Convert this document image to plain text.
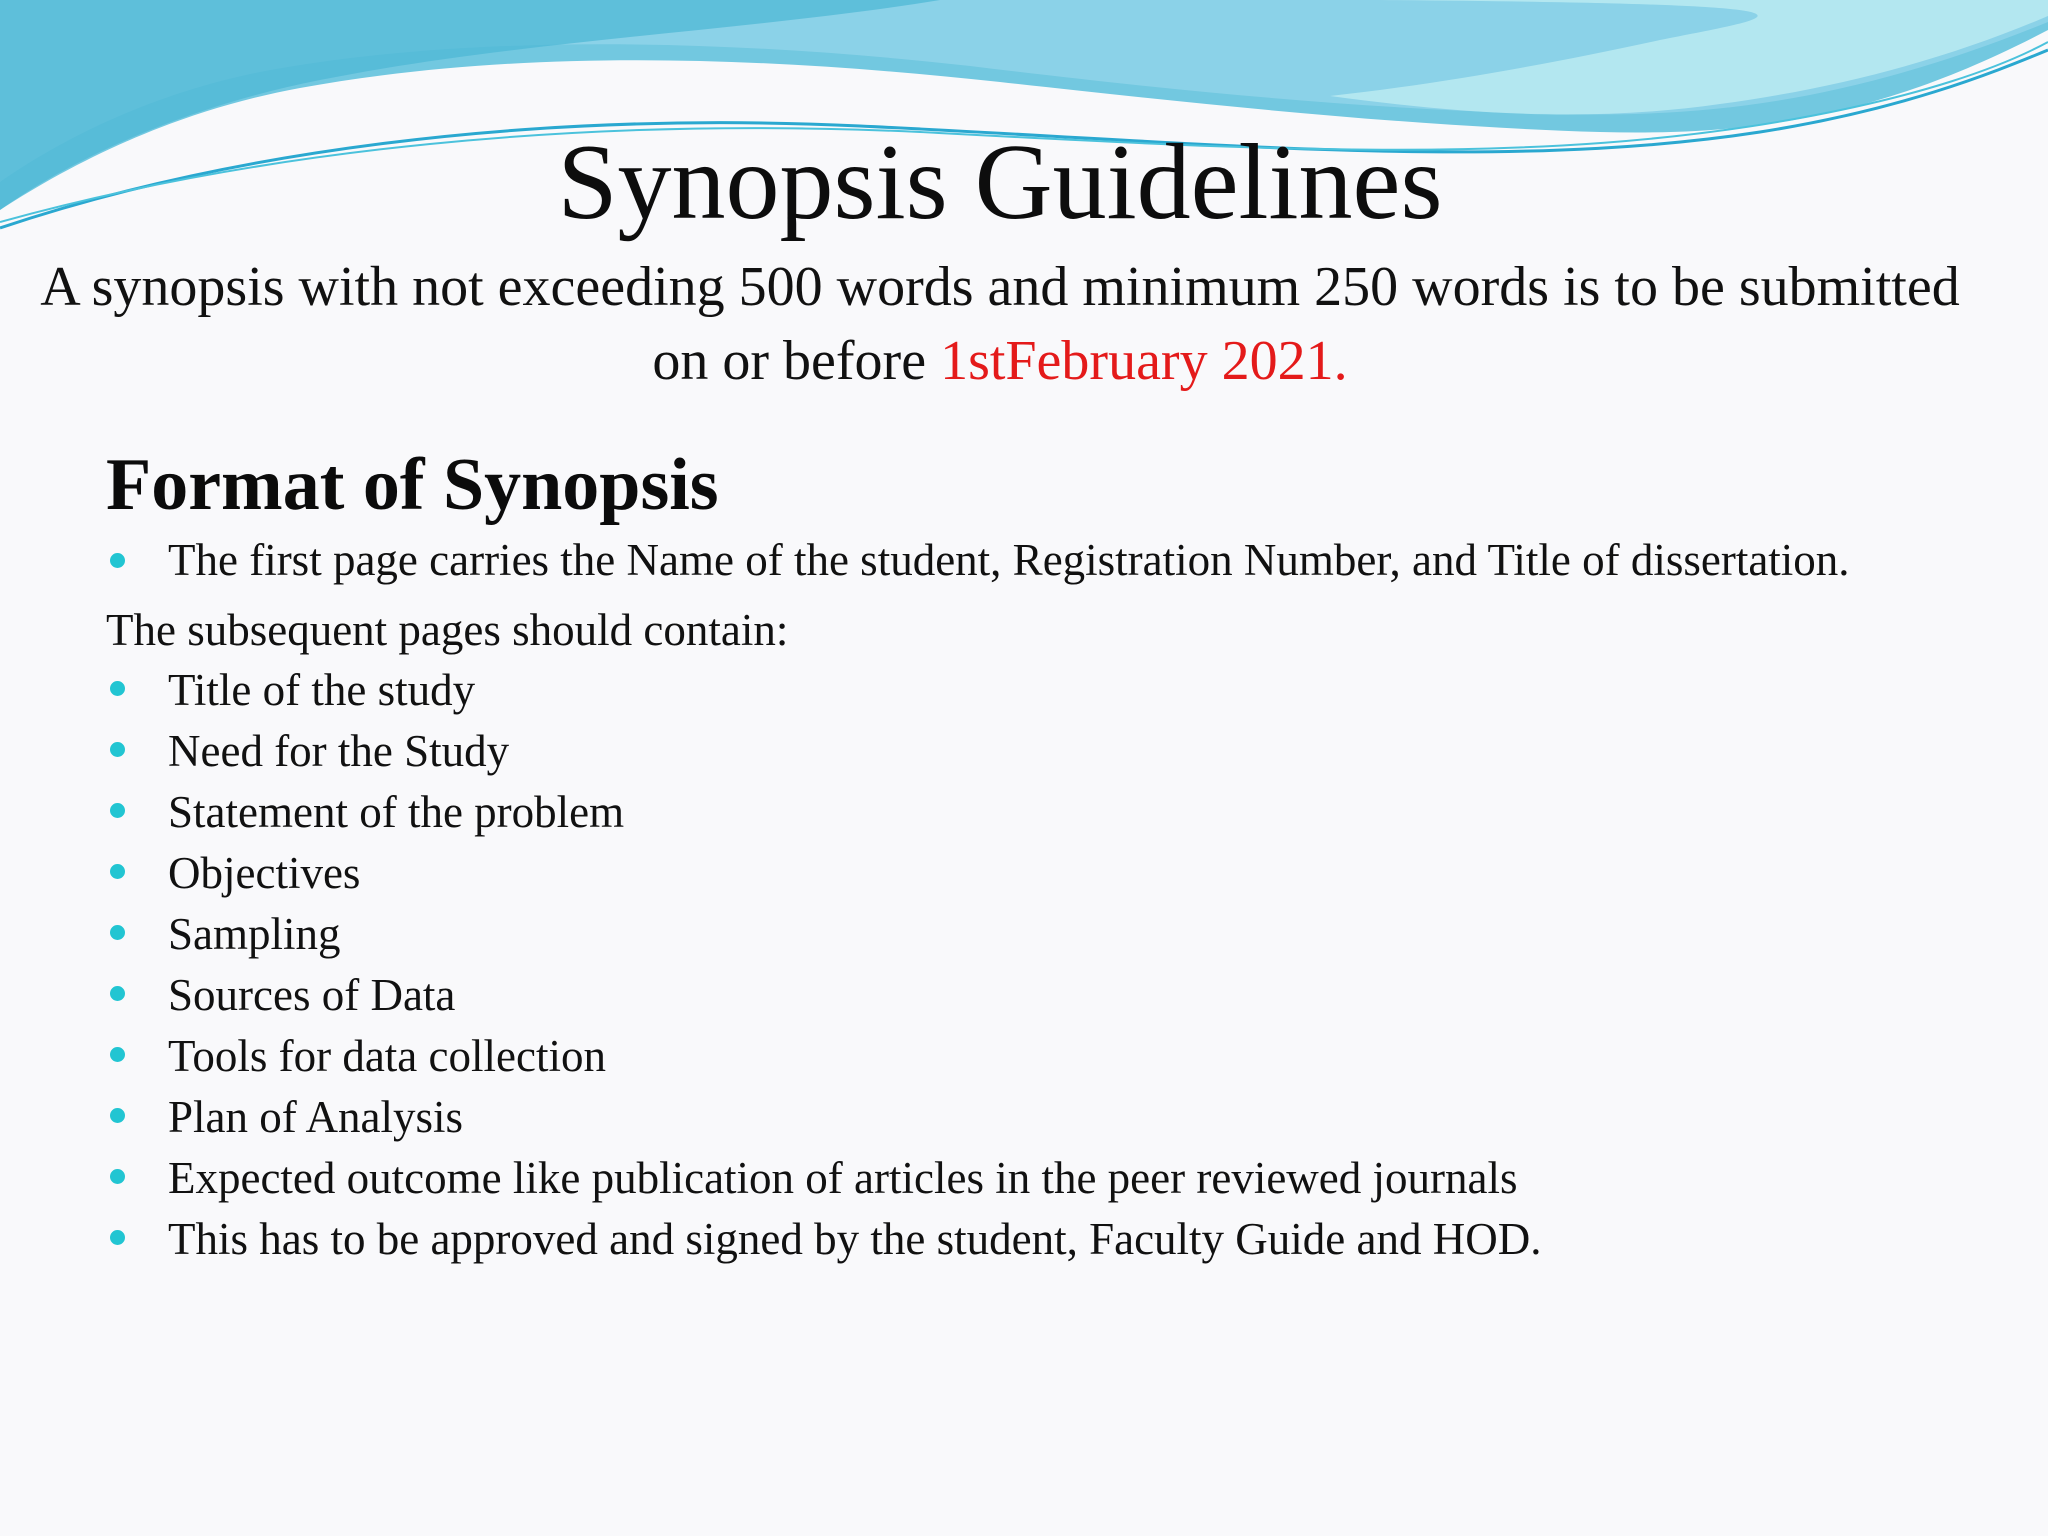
Synopsis Guidelines

A synopsis with not exceeding 500 words and minimum 250 words is to be submitted on or before 1stFebruary 2021.

Format of Synopsis
The first page carries the Name of the student, Registration Number, and Title of dissertation.

The subsequent pages should contain:

Title of the study
Need for the Study
Statement of the problem
Objectives
Sampling
Sources of Data
Tools for data collection
Plan of Analysis
Expected outcome like publication of articles in the peer reviewed journals
This has to be approved and signed by the student, Faculty Guide and HOD.
